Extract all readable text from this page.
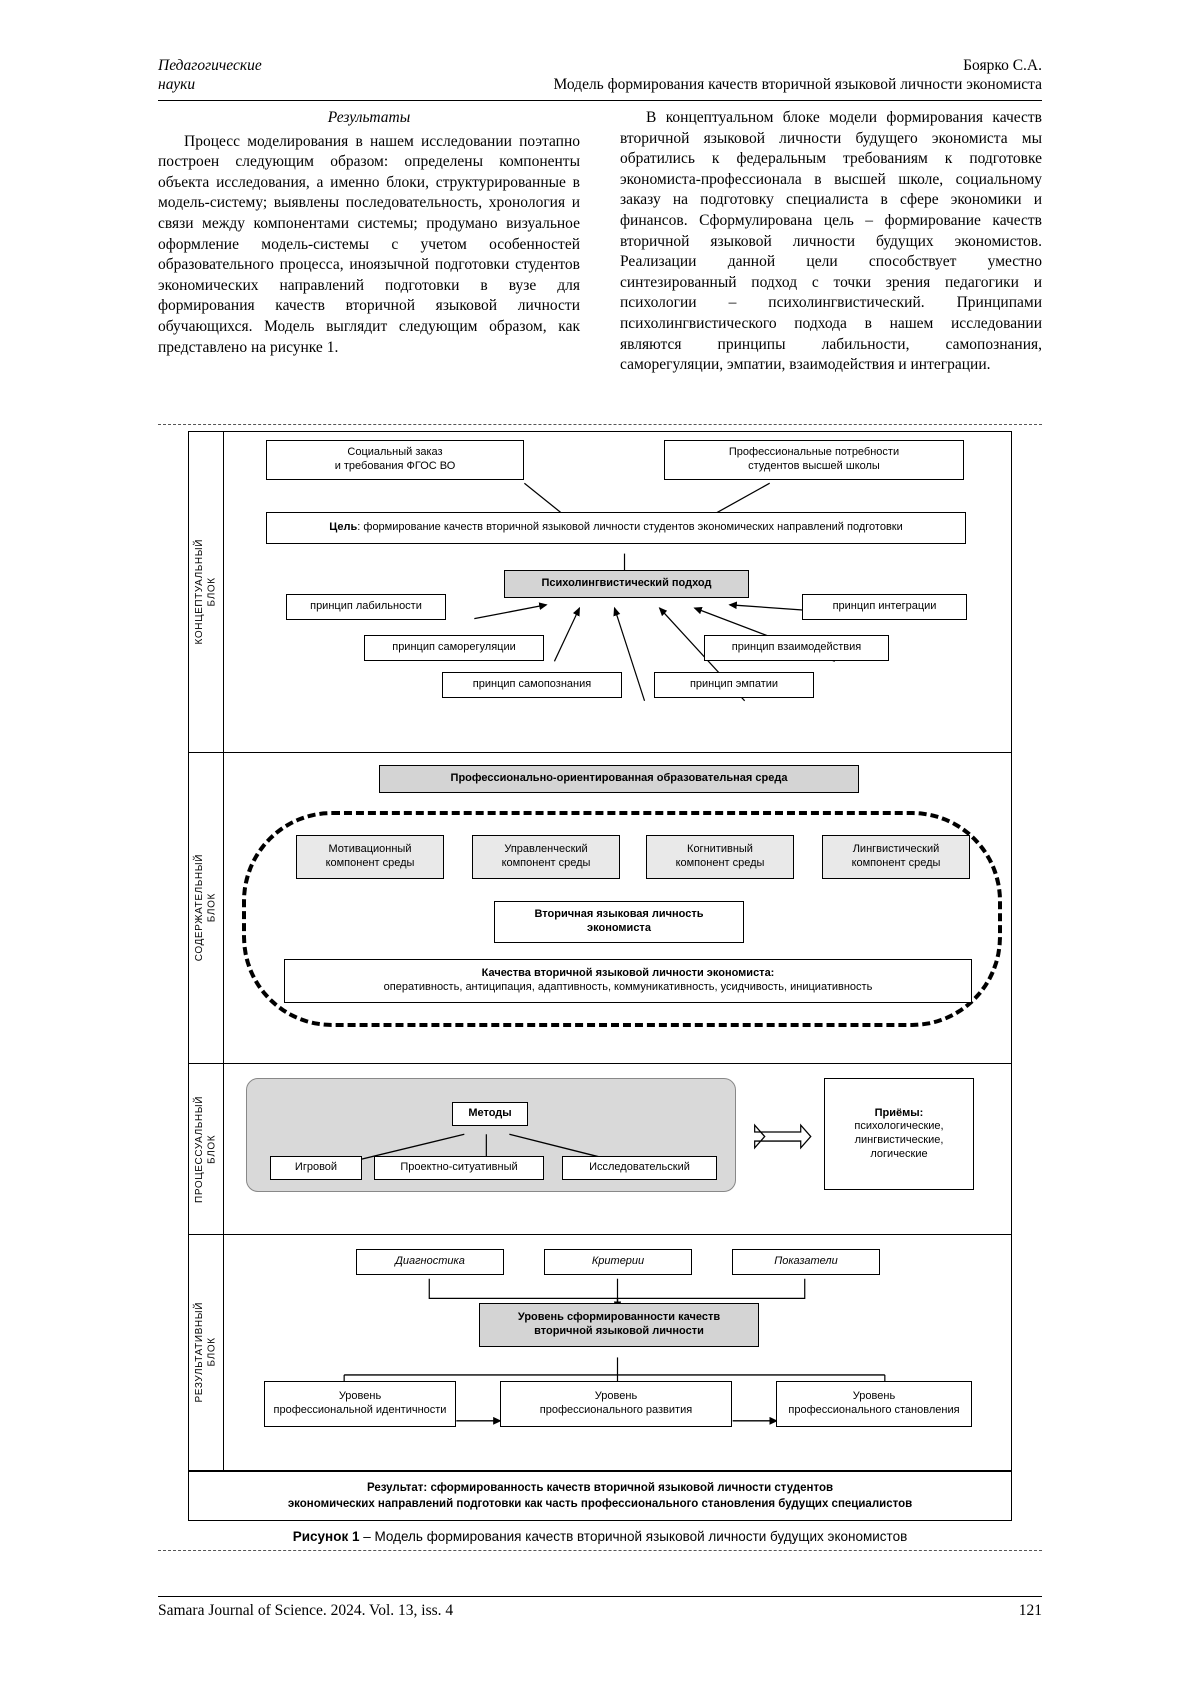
Педагогические
науки
Боярко С.А.
Модель формирования качеств вторичной языковой личности экономиста
Результаты

Процесс моделирования в нашем исследовании поэтапно построен следующим образом: определены компоненты объекта исследования, а именно блоки, структурированные в модель-систему; выявлены последовательность, хронология и связи между компонентами системы; продумано визуальное оформление модель-системы с учетом особенностей образовательного процесса, иноязычной подготовки студентов экономических направлений подготовки в вузе для формирования качеств вторичной языковой личности обучающихся. Модель выглядит следующим образом, как представлено на рисунке 1.

В концептуальном блоке модели формирования качеств вторичной языковой личности будущего экономиста мы обратились к федеральным требованиям к подготовке экономиста-профессионала в высшей школе, социальному заказу на подготовку специалиста в сфере экономики и финансов. Сформулирована цель – формирование качеств вторичной языковой личности будущих экономистов. Реализации данной цели способствует уместно синтезированный подход с точки зрения педагогики и психологии – психолингвистический. Принципами психолингвистического подхода в нашем исследовании являются принципы лабильности, самопознания, саморегуляции, эмпатии, взаимодействия и интеграции.

КОНЦЕПТУАЛЬНЫЙ
БЛОК
Социальный заказ
и требования ФГОС ВО
Профессиональные потребности
студентов высшей школы
Цель: формирование качеств вторичной языковой личности студентов экономических направлений подготовки
Психолингвистический подход
принцип лабильности
принцип саморегуляции
принцип самопознания	принцип эмпатии
принцип взаимодействия
принцип интеграции
СОДЕРЖАТЕЛЬНЫЙ
БЛОК
Профессионально-ориентированная образовательная среда
Мотивационный
компонент среды
Управленческий
компонент среды
Когнитивный
компонент среды
Лингвистический
компонент среды
Вторичная языковая личность
экономиста
Качества вторичной языковой личности экономиста:
оперативность, антиципация, адаптивность, коммуникативность, усидчивость, инициативность
ПРОЦЕССУАЛЬНЫЙ
БЛОК
Методы
Игровой	Проектно-ситуативный	Исследовательский
Приёмы:
психологические,
лингвистические,
логические
РЕЗУЛЬТАТИВНЫЙ
БЛОК
Диагностика	Критерии	Показатели
Уровень сформированности качеств
вторичной языковой личности
Уровень
профессиональной идентичности
Уровень
профессионального развития
Уровень
профессионального становления
Результат: сформированность качеств вторичной языковой личности студентов
экономических направлений подготовки как часть профессионального становления будущих специалистов
Рисунок 1 – Модель формирования качеств вторичной языковой личности будущих экономистов
Samara Journal of Science. 2024. Vol. 13, iss. 4	121
